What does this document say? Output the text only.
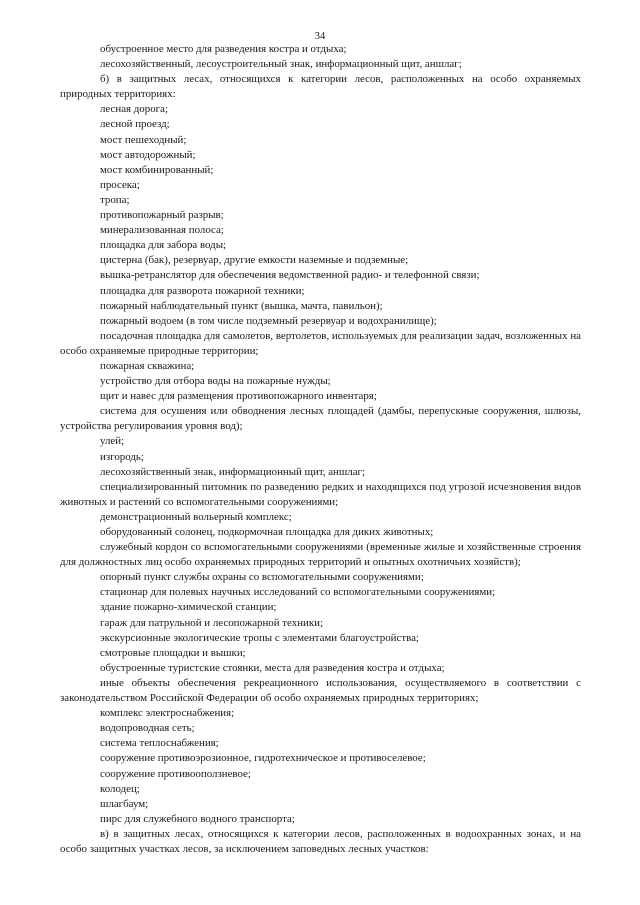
34
обустроенное место для разведения костра и отдыха;
лесохозяйственный, лесоустроительный знак, информационный щит, аншлаг;
б) в защитных лесах, относящихся к категории лесов, расположенных на особо охраняемых природных территориях:
лесная дорога;
лесной проезд;
мост пешеходный;
мост автодорожный;
мост комбинированный;
просека;
тропа;
противопожарный разрыв;
минерализованная полоса;
площадка для забора воды;
цистерна (бак), резервуар, другие емкости наземные и подземные;
вышка-ретранслятор для обеспечения ведомственной радио- и телефонной связи;
площадка для разворота пожарной техники;
пожарный наблюдательный пункт (вышка, мачта, павильон);
пожарный водоем (в том числе подземный резервуар и водохранилище);
посадочная площадка для самолетов, вертолетов, используемых для реализации задач, возложенных на особо охраняемые природные территории;
пожарная скважина;
устройство для отбора воды на пожарные нужды;
щит и навес для размещения противопожарного инвентаря;
система для осушения или обводнения лесных площадей (дамбы, перепускные сооружения, шлюзы, устройства регулирования уровня вод);
улей;
изгородь;
лесохозяйственный знак, информационный щит, аншлаг;
специализированный питомник по разведению редких и находящихся под угрозой исчезновения видов животных и растений со вспомогательными сооружениями;
демонстрационный вольерный комплекс;
оборудованный солонец, подкормочная площадка для диких животных;
служебный кордон со вспомогательными сооружениями (временные жилые и хозяйственные строения для должностных лиц особо охраняемых природных территорий и опытных охотничьих хозяйств);
опорный пункт службы охраны со вспомогательными сооружениями;
стационар для полевых научных исследований со вспомогательными сооружениями;
здание пожарно-химической станции;
гараж для патрульной и лесопожарной техники;
экскурсионные экологические тропы с элементами благоустройства;
смотровые площадки и вышки;
обустроенные туристские стоянки, места для разведения костра и отдыха;
иные объекты обеспечения рекреационного использования, осуществляемого в соответствии с законодательством Российской Федерации об особо охраняемых природных территориях;
комплекс электроснабжения;
водопроводная сеть;
система теплоснабжения;
сооружение противоэрозионное, гидротехническое и противоселевое;
сооружение противооползневое;
колодец;
шлагбаум;
пирс для служебного водного транспорта;
в) в защитных лесах, относящихся к категории лесов, расположенных в водоохранных зонах, и на особо защитных участках лесов, за исключением заповедных лесных участков:
